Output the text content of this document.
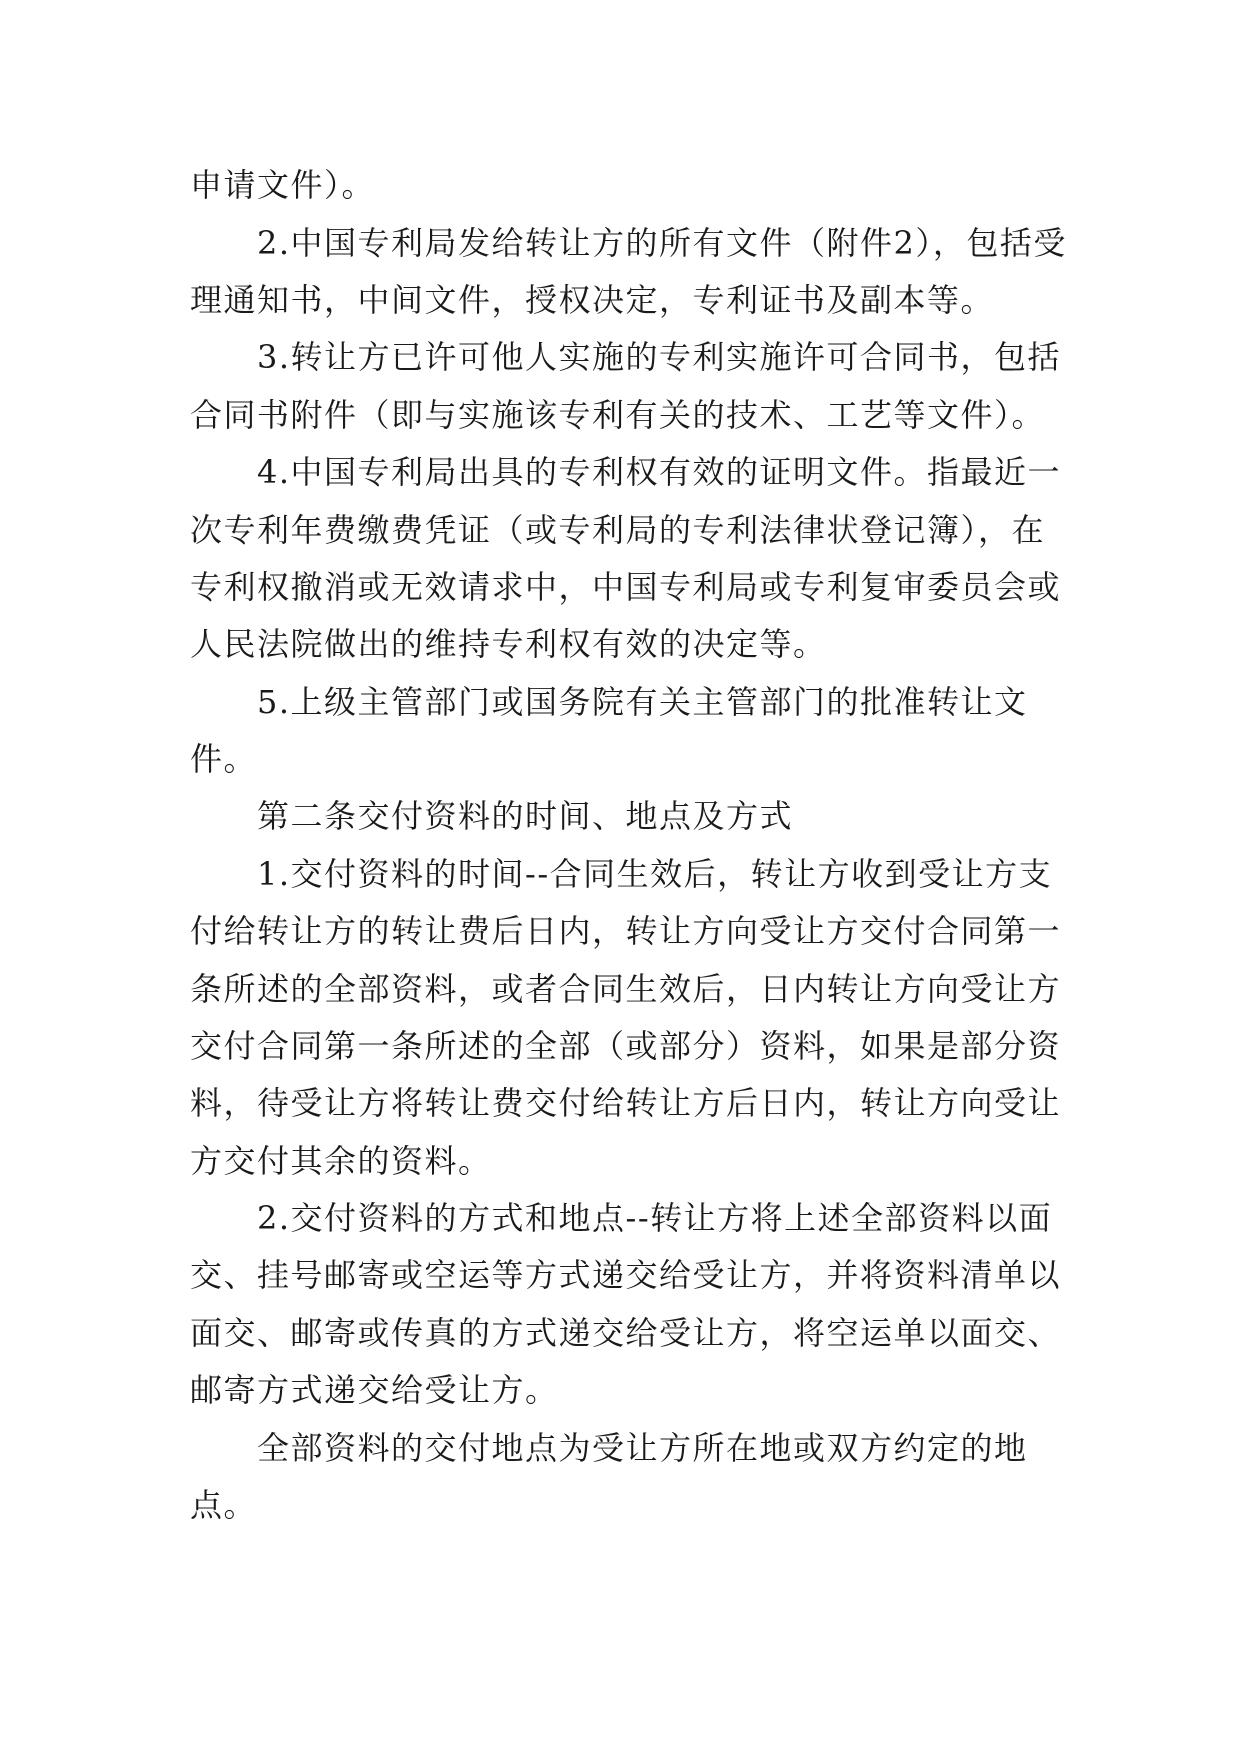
申请文件）。
2.中国专利局发给转让方的所有文件（附件2），包括受
理通知书，中间文件，授权决定，专利证书及副本等。
3.转让方已许可他人实施的专利实施许可合同书，包括
合同书附件（即与实施该专利有关的技术、工艺等文件）。
4.中国专利局出具的专利权有效的证明文件。指最近一
次专利年费缴费凭证（或专利局的专利法律状登记簿），在
专利权撤消或无效请求中，中国专利局或专利复审委员会或
人民法院做出的维持专利权有效的决定等。
5.上级主管部门或国务院有关主管部门的批准转让文
件。
第二条交付资料的时间、地点及方式
1.交付资料的时间--合同生效后，转让方收到受让方支
付给转让方的转让费后日内，转让方向受让方交付合同第一
条所述的全部资料，或者合同生效后，日内转让方向受让方
交付合同第一条所述的全部（或部分）资料，如果是部分资
料，待受让方将转让费交付给转让方后日内，转让方向受让
方交付其余的资料。
2.交付资料的方式和地点--转让方将上述全部资料以面
交、挂号邮寄或空运等方式递交给受让方，并将资料清单以
面交、邮寄或传真的方式递交给受让方，将空运单以面交、
邮寄方式递交给受让方。
全部资料的交付地点为受让方所在地或双方约定的地
点。
